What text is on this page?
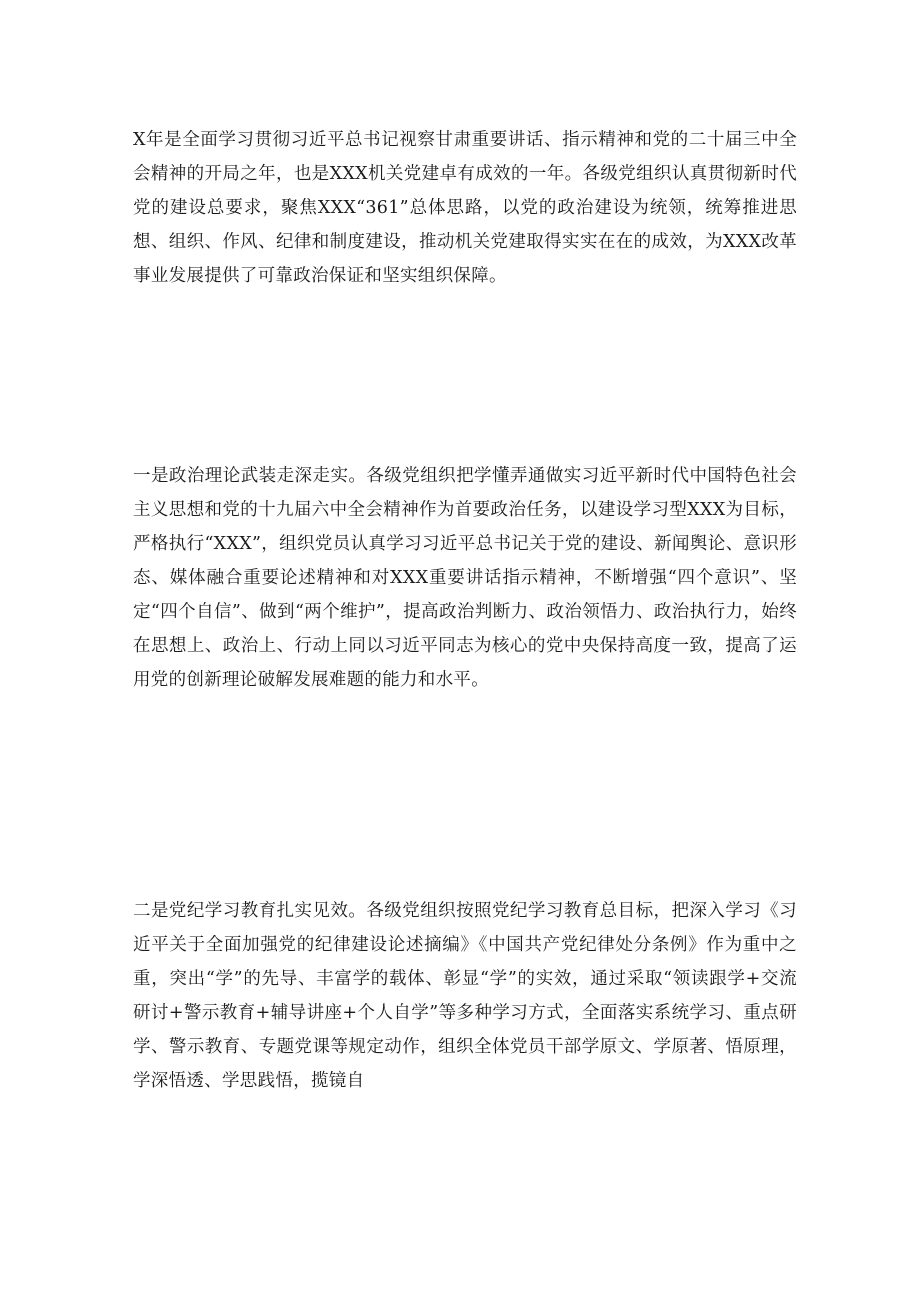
X年是全面学习贯彻习近平总书记视察甘肃重要讲话、指示精神和党的二十届三中全会精神的开局之年，也是XXX机关党建卓有成效的一年。各级党组织认真贯彻新时代党的建设总要求，聚焦XXX“361”总体思路，以党的政治建设为统领，统筹推进思想、组织、作风、纪律和制度建设，推动机关党建取得实实在在的成效，为XXX改革事业发展提供了可靠政治保证和坚实组织保障。

一是政治理论武装走深走实。各级党组织把学懂弄通做实习近平新时代中国特色社会主义思想和党的十九届六中全会精神作为首要政治任务，以建设学习型XXX为目标，严格执行“XXX”，组织党员认真学习习近平总书记关于党的建设、新闻舆论、意识形态、媒体融合重要论述精神和对XXX重要讲话指示精神，不断增强“四个意识”、坚定“四个自信”、做到“两个维护”，提高政治判断力、政治领悟力、政治执行力，始终在思想上、政治上、行动上同以习近平同志为核心的党中央保持高度一致，提高了运用党的创新理论破解发展难题的能力和水平。

二是党纪学习教育扎实见效。各级党组织按照党纪学习教育总目标，把深入学习《习近平关于全面加强党的纪律建设论述摘编》《中国共产党纪律处分条例》作为重中之重，突出“学”的先导、丰富学的载体、彰显“学”的实效，通过采取“领读跟学+交流研讨+警示教育+辅导讲座+个人自学”等多种学习方式，全面落实系统学习、重点研学、警示教育、专题党课等规定动作，组织全体党员干部学原文、学原著、悟原理，学深悟透、学思践悟，揽镜自
